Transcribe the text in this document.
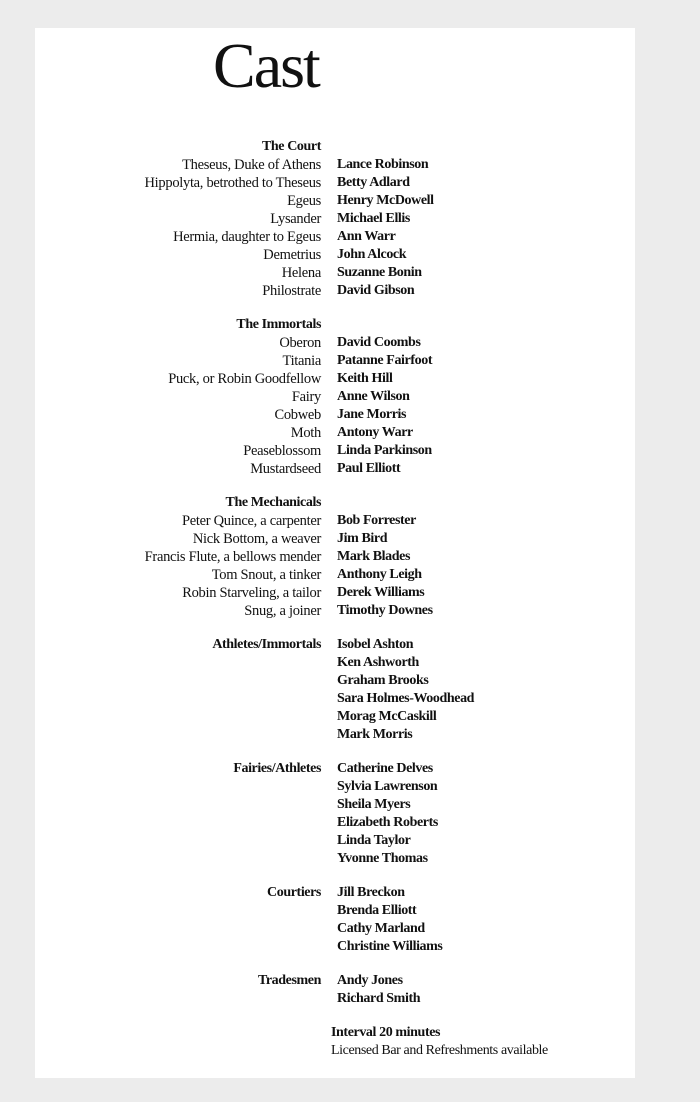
Cast
The Court
Theseus, Duke of Athens Lance Robinson
Hippolyta, betrothed to Theseus Betty Adlard
Egeus Henry McDowell
Lysander Michael Ellis
Hermia, daughter to Egeus Ann Warr
Demetrius John Alcock
Helena Suzanne Bonin
Philostrate David Gibson
The Immortals
Oberon David Coombs
Titania Patanne Fairfoot
Puck, or Robin Goodfellow Keith Hill
Fairy Anne Wilson
Cobweb Jane Morris
Moth Antony Warr
Peaseblossom Linda Parkinson
Mustardseed Paul Elliott
The Mechanicals
Peter Quince, a carpenter Bob Forrester
Nick Bottom, a weaver Jim Bird
Francis Flute, a bellows mender Mark Blades
Tom Snout, a tinker Anthony Leigh
Robin Starveling, a tailor Derek Williams
Snug, a joiner Timothy Downes
Athletes/Immortals Isobel Ashton
Ken Ashworth
Graham Brooks
Sara Holmes-Woodhead
Morag McCaskill
Mark Morris
Fairies/Athletes Catherine Delves
Sylvia Lawrenson
Sheila Myers
Elizabeth Roberts
Linda Taylor
Yvonne Thomas
Courtiers Jill Breckon
Brenda Elliott
Cathy Marland
Christine Williams
Tradesmen Andy Jones
Richard Smith
Interval 20 minutes
Licensed Bar and Refreshments available
